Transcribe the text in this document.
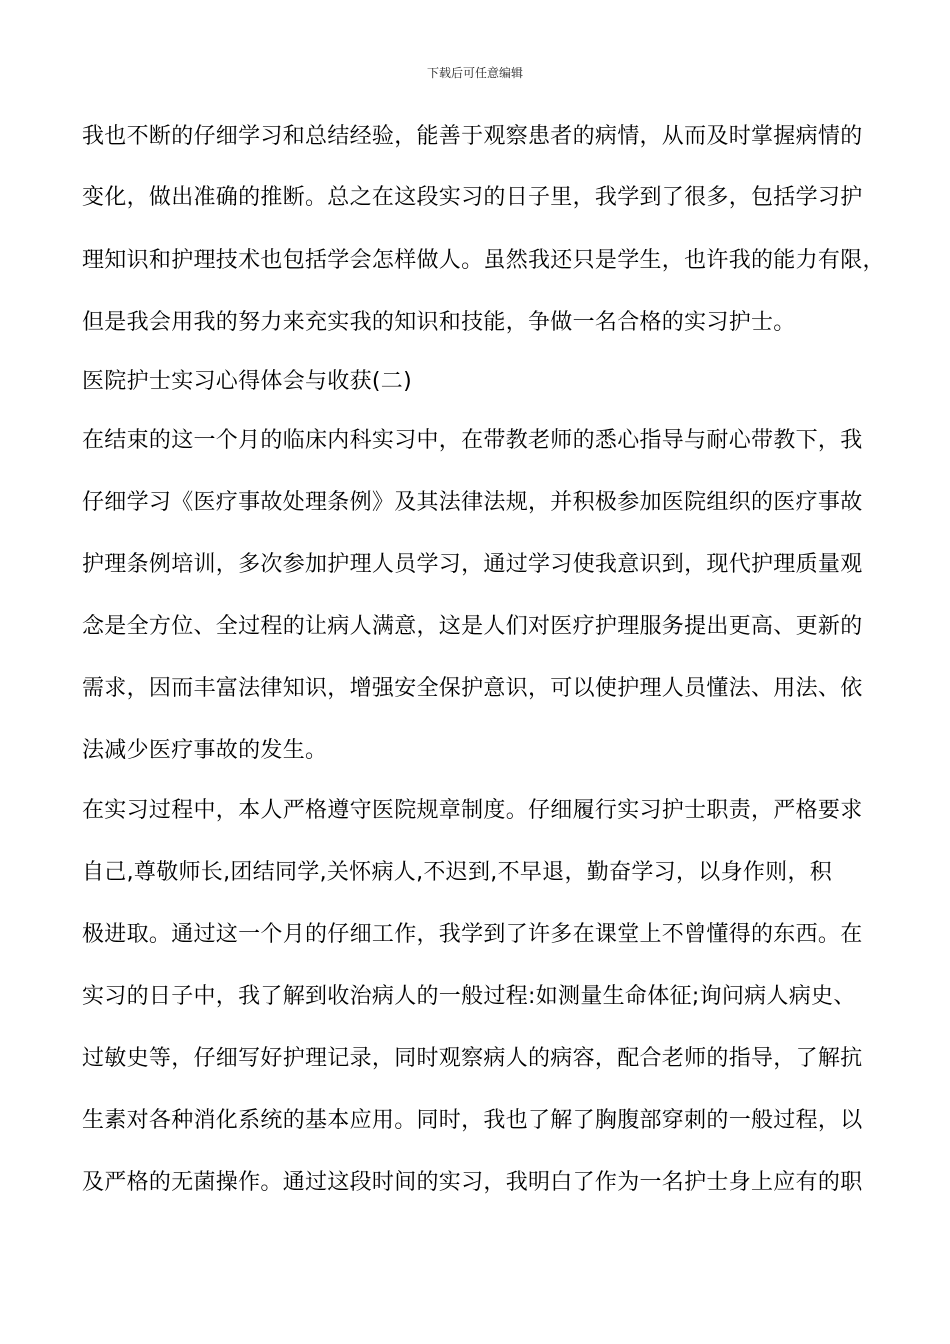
下载后可任意编辑
我也不断的仔细学习和总结经验，能善于观察患者的病情，从而及时掌握病情的
变化，做出准确的推断。总之在这段实习的日子里，我学到了很多，包括学习护
理知识和护理技术也包括学会怎样做人。虽然我还只是学生，也许我的能力有限，
但是我会用我的努力来充实我的知识和技能，争做一名合格的实习护士。
医院护士实习心得体会与收获(二)
在结束的这一个月的临床内科实习中，在带教老师的悉心指导与耐心带教下，我
仔细学习《医疗事故处理条例》及其法律法规，并积极参加医院组织的医疗事故
护理条例培训，多次参加护理人员学习，通过学习使我意识到，现代护理质量观
念是全方位、全过程的让病人满意，这是人们对医疗护理服务提出更高、更新的
需求，因而丰富法律知识，增强安全保护意识，可以使护理人员懂法、用法、依
法减少医疗事故的发生。
在实习过程中，本人严格遵守医院规章制度。仔细履行实习护士职责，严格要求
自己,尊敬师长,团结同学,关怀病人,不迟到,不早退，勤奋学习，以身作则，积
极进取。通过这一个月的仔细工作，我学到了许多在课堂上不曾懂得的东西。在
实习的日子中，我了解到收治病人的一般过程:如测量生命体征;询问病人病史、
过敏史等，仔细写好护理记录，同时观察病人的病容，配合老师的指导，了解抗
生素对各种消化系统的基本应用。同时，我也了解了胸腹部穿刺的一般过程，以
及严格的无菌操作。通过这段时间的实习，我明白了作为一名护士身上应有的职
